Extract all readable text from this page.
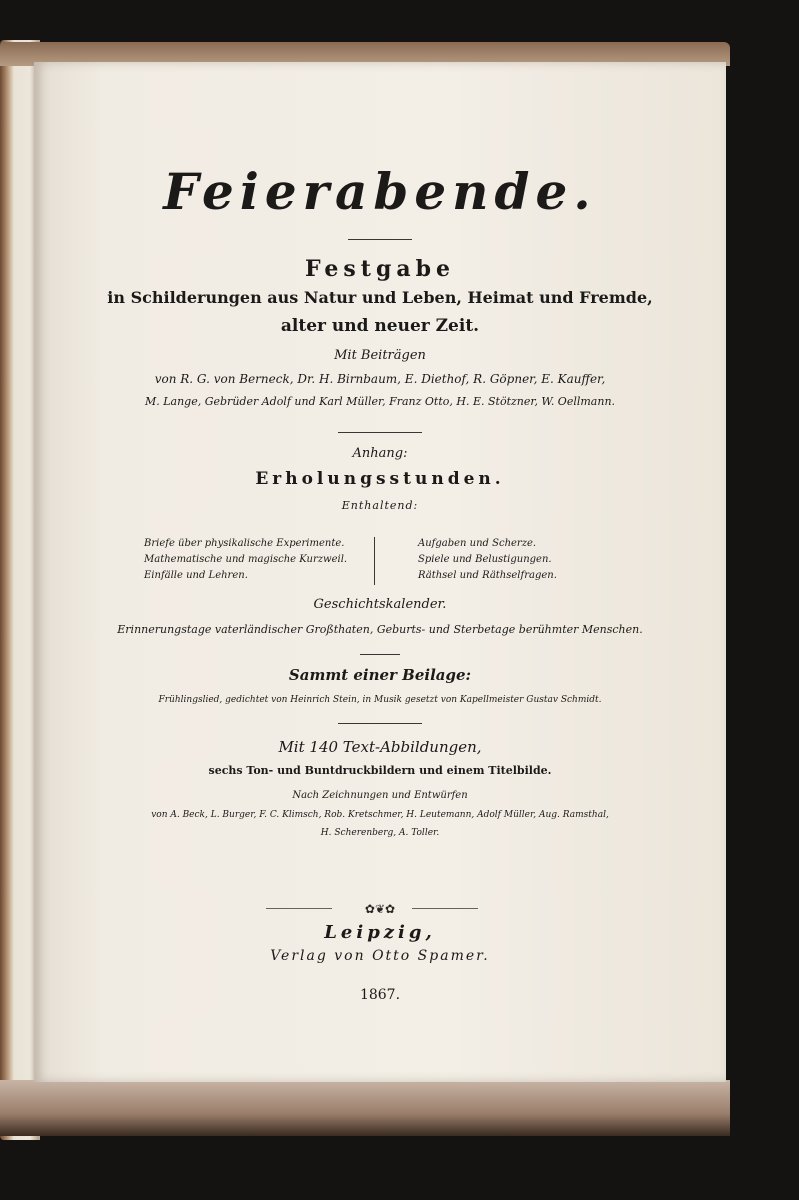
Feierabende.
Festgabe
in Schilderungen aus Natur und Leben, Heimat und Fremde,
alter und neuer Zeit.
Mit Beiträgen
von R. G. von Berneck, Dr. H. Birnbaum, E. Diethof, R. Göpner, E. Kauffer,
M. Lange, Gebrüder Adolf und Karl Müller, Franz Otto, H. E. Stötzner, W. Oellmann.
Anhang:
Erholungsstunden.
Enthaltend:
Briefe über physikalische Experimente.
Mathematische und magische Kurzweil.
Einfälle und Lehren.
Aufgaben und Scherze.
Spiele und Belustigungen.
Räthsel und Räthselfragen.
Geschichtskalender.
Erinnerungstage vaterländischer Großthaten, Geburts- und Sterbetage berühmter Menschen.
Sammt einer Beilage:
Frühlingslied, gedichtet von Heinrich Stein, in Musik gesetzt von Kapellmeister Gustav Schmidt.
Mit 140 Text-Abbildungen,
sechs Ton- und Buntdruckbildern und einem Titelbilde.
Nach Zeichnungen und Entwürfen
von A. Beck, L. Burger, F. C. Klimsch, Rob. Kretschmer, H. Leutemann, Adolf Müller, Aug. Ramsthal,
H. Scherenberg, A. Toller.
✿❦✿
Leipzig,
Verlag von Otto Spamer.
1867.
